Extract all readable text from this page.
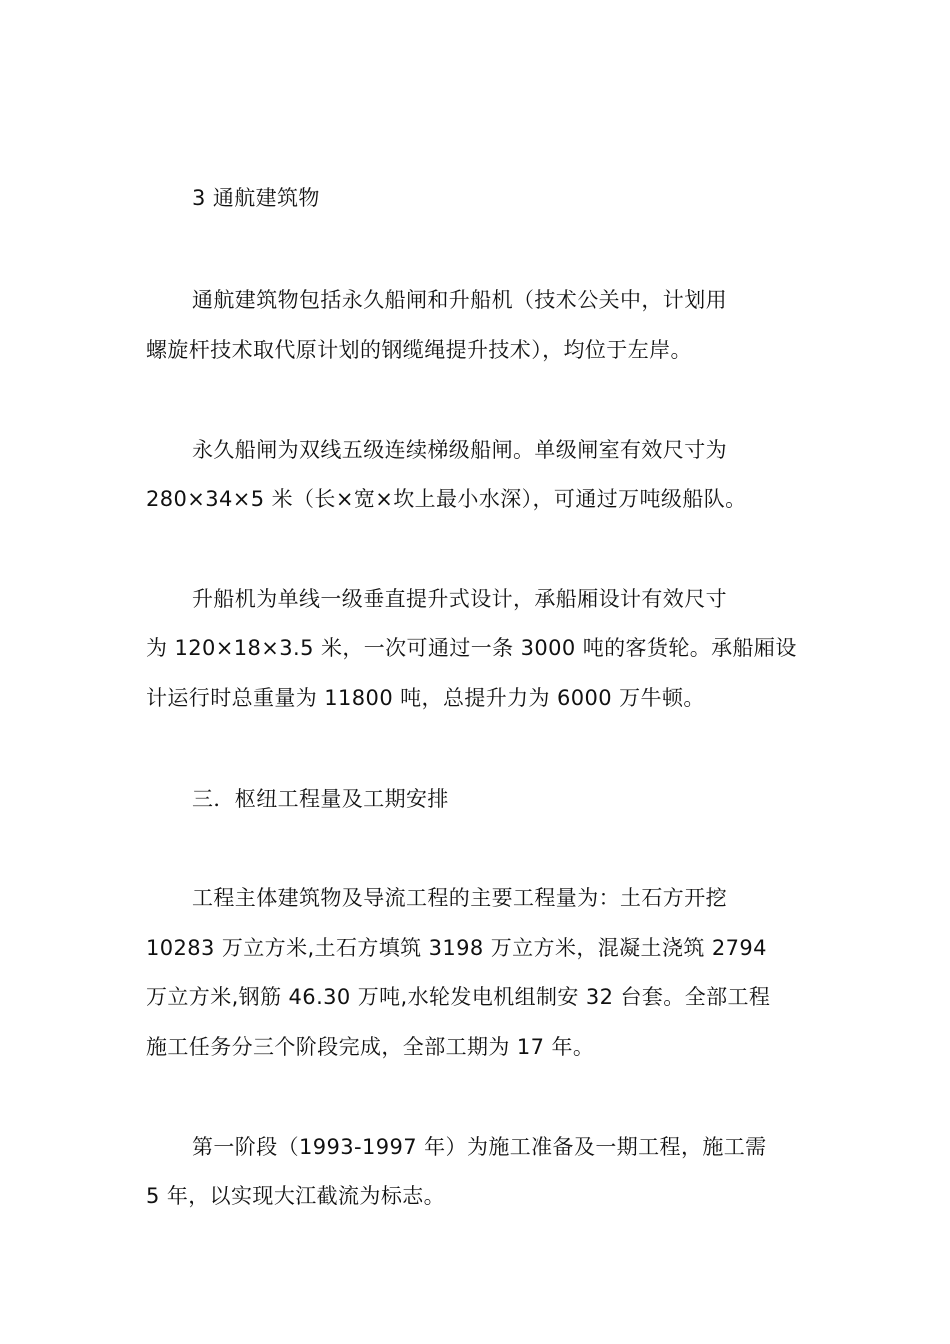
3 通航建筑物
通航建筑物包括永久船闸和升船机（技术公关中，计划用
螺旋杆技术取代原计划的钢缆绳提升技术），均位于左岸。
永久船闸为双线五级连续梯级船闸。单级闸室有效尺寸为
280×34×5 米（长×宽×坎上最小水深），可通过万吨级船队。
升船机为单线一级垂直提升式设计，承船厢设计有效尺寸
为 120×18×3.5 米，一次可通过一条 3000 吨的客货轮。承船厢设
计运行时总重量为 11800 吨，总提升力为 6000 万牛顿。
三．枢纽工程量及工期安排
工程主体建筑物及导流工程的主要工程量为：土石方开挖
10283 万立方米,土石方填筑 3198 万立方米，混凝土浇筑 2794
万立方米,钢筋 46.30 万吨,水轮发电机组制安 32 台套。全部工程
施工任务分三个阶段完成，全部工期为 17 年。
第一阶段（1993-1997 年）为施工准备及一期工程，施工需
5 年，以实现大江截流为标志。
